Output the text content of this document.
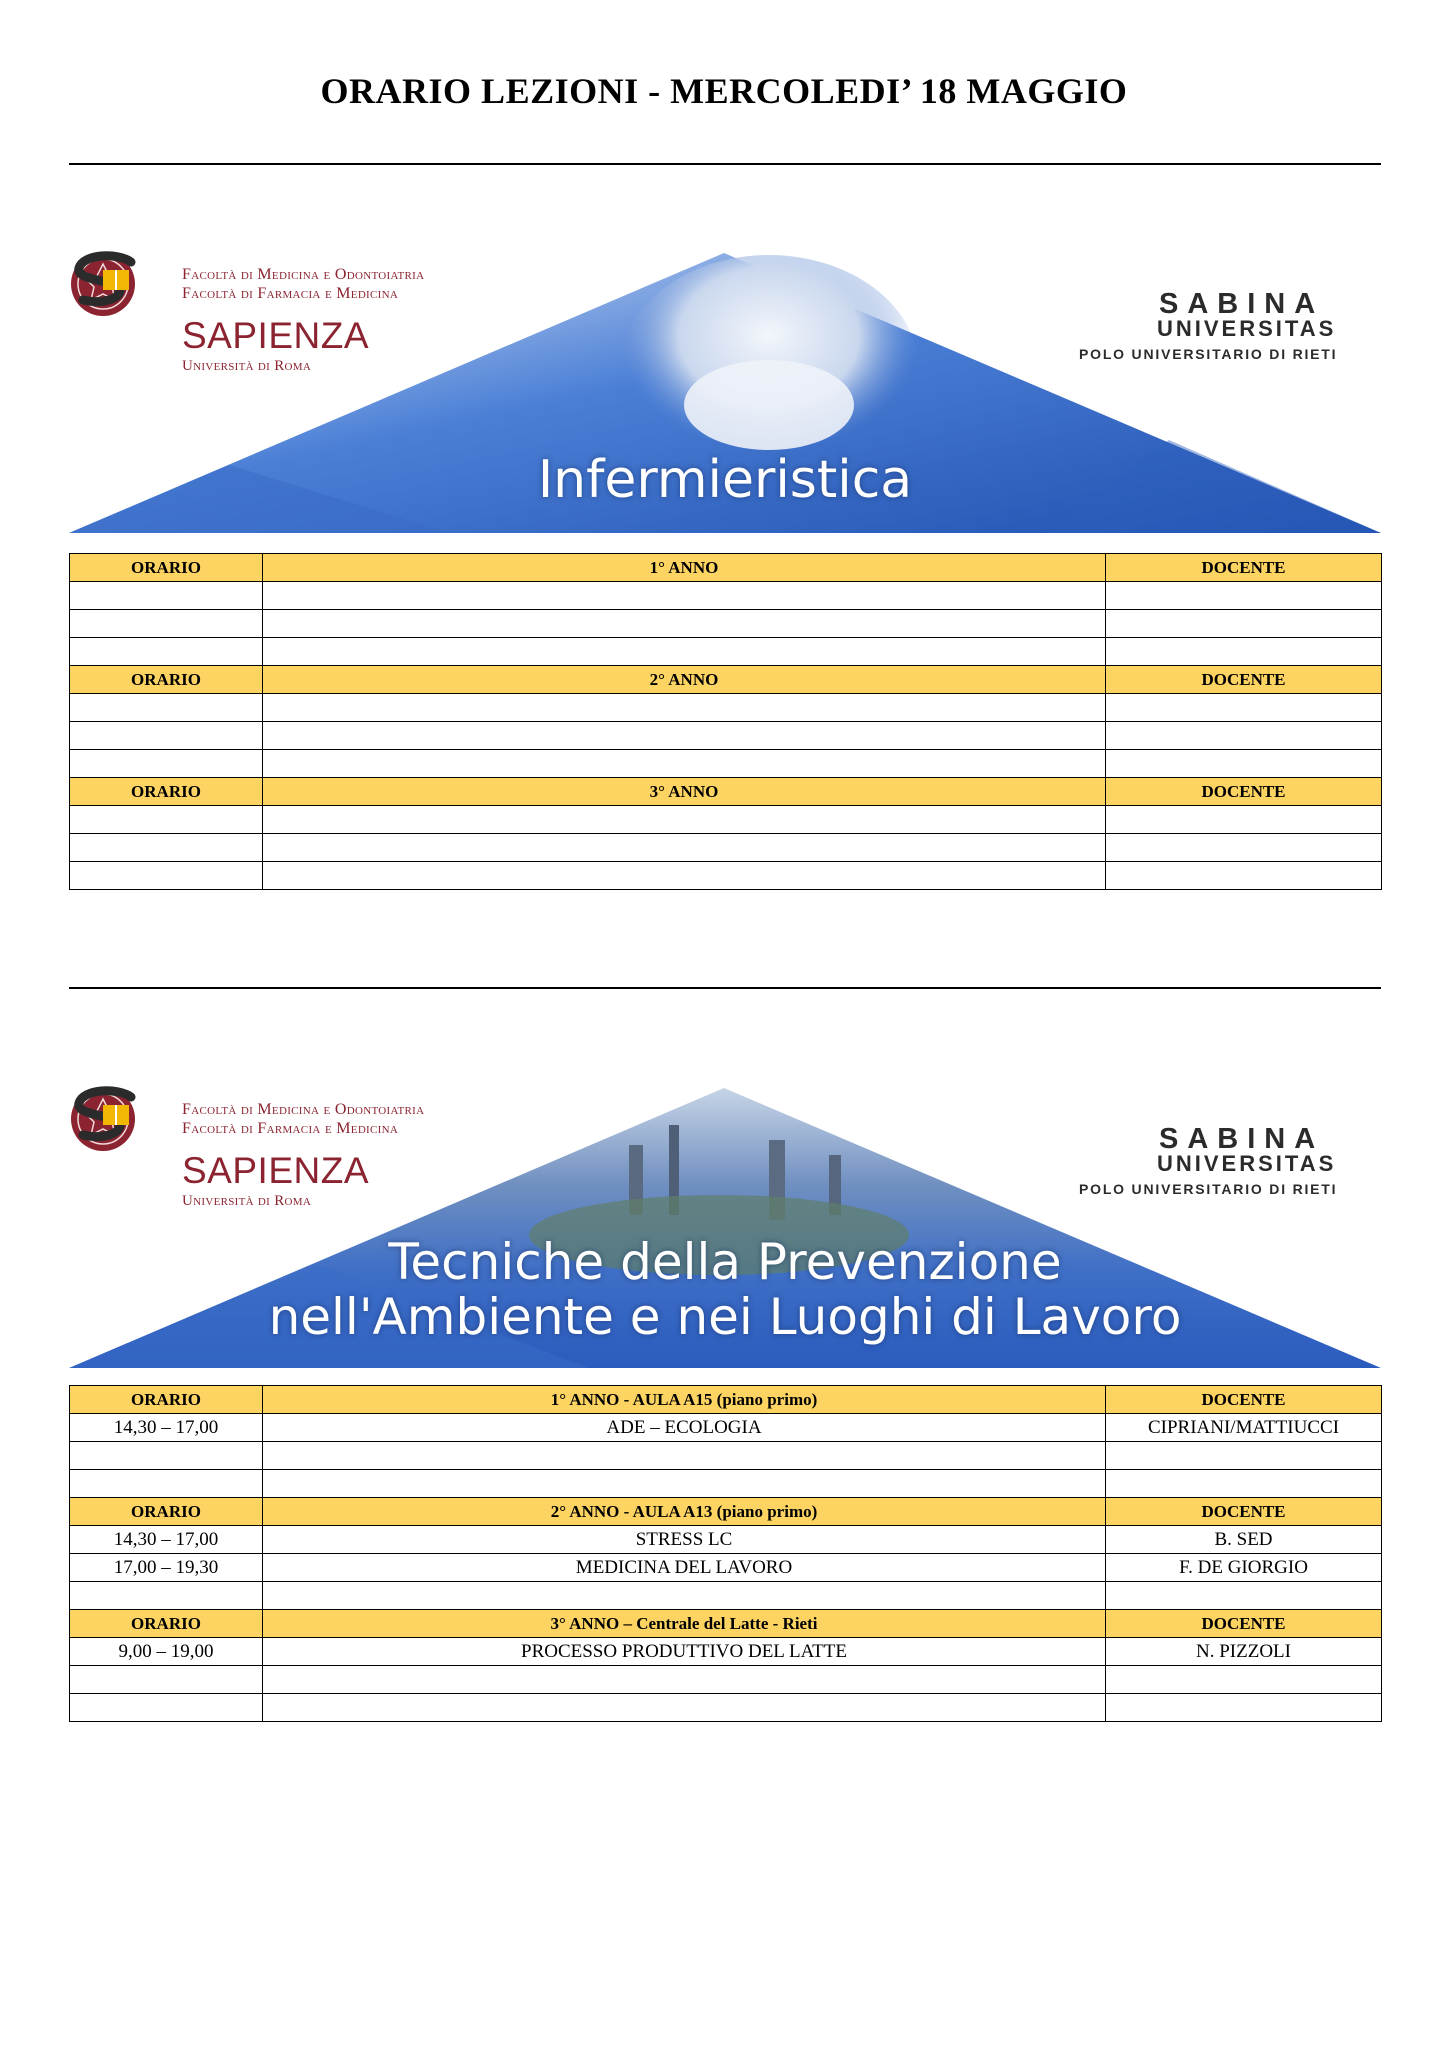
ORARIO LEZIONI - MERCOLEDI’ 18 MAGGIO
Facoltà di Medicina e Odontoiatria
Facoltà di Farmacia e Medicina
SAPIENZA
Università di Roma
SABINA
UNIVERSITAS
POLO UNIVERSITARIO DI RIETI
Infermieristica
ORARIO	1° ANNO	DOCENTE

ORARIO	2° ANNO	DOCENTE

ORARIO	3° ANNO	DOCENTE

Facoltà di Medicina e Odontoiatria
Facoltà di Farmacia e Medicina
SAPIENZA
Università di Roma
SABINA
UNIVERSITAS
POLO UNIVERSITARIO DI RIETI
Tecniche della Prevenzione
nell'Ambiente e nei Luoghi di Lavoro
ORARIO	1° ANNO - AULA A15 (piano primo)	DOCENTE
14,30 – 17,00	ADE – ECOLOGIA	CIPRIANI/MATTIUCCI

ORARIO	2° ANNO - AULA A13 (piano primo)	DOCENTE
14,30 – 17,00	STRESS LC	B. SED
17,00 – 19,30	MEDICINA DEL LAVORO	F. DE GIORGIO

ORARIO	3° ANNO – Centrale del Latte - Rieti	DOCENTE
9,00 – 19,00	PROCESSO PRODUTTIVO DEL LATTE	N. PIZZOLI
